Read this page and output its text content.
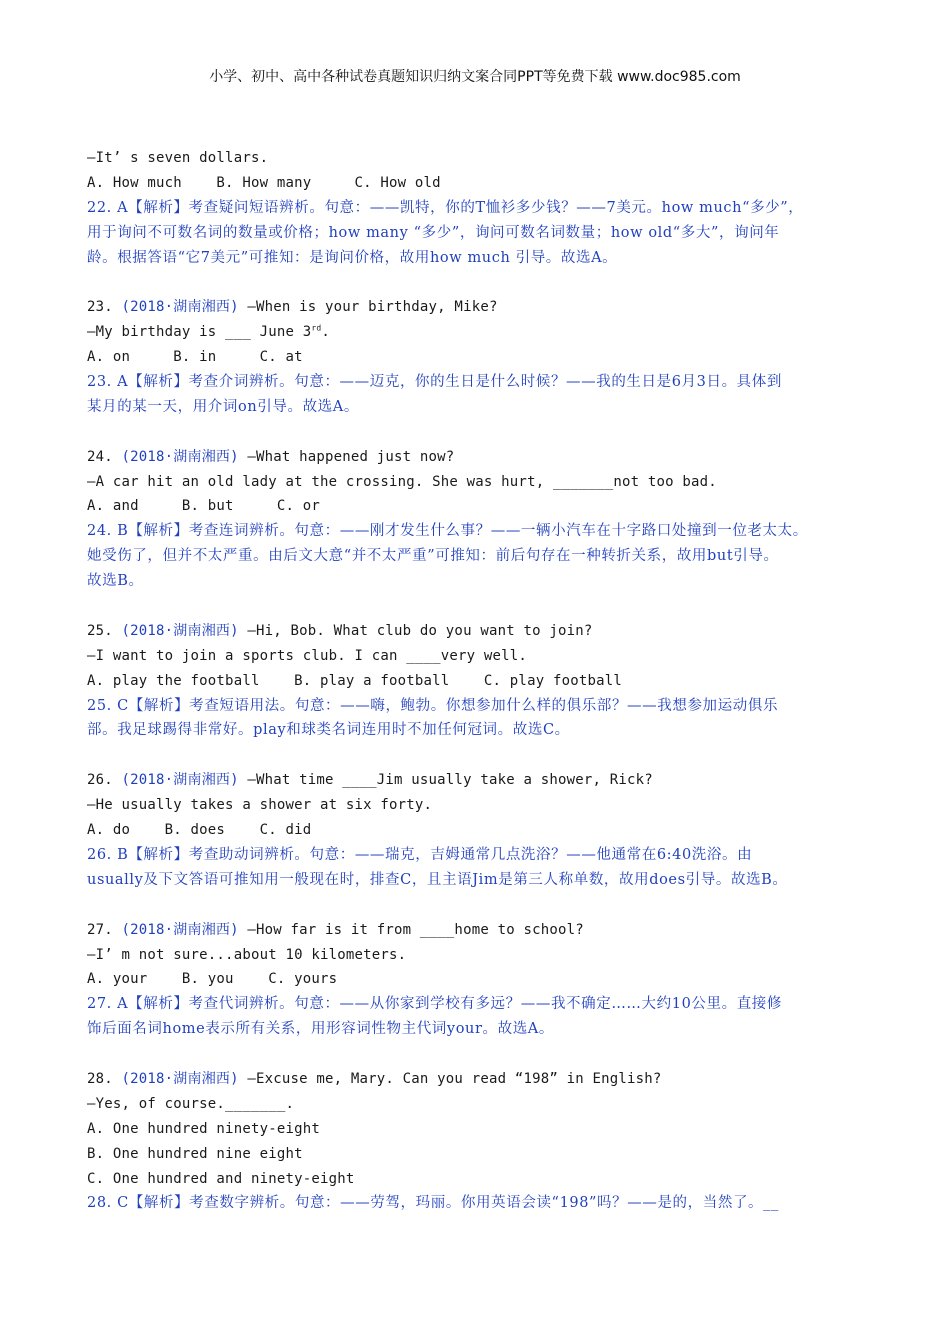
小学、初中、高中各种试卷真题知识归纳文案合同PPT等免费下载 www.doc985.com
—It’ s seven dollars.
A. How much    B. How many     C. How old
22. A【解析】考查疑问短语辨析。句意：——凯特，你的T恤衫多少钱？——7美元。how much“多少”，
用于询问不可数名词的数量或价格；how many “多少”，询问可数名词数量；how old“多大”，询问年
龄。根据答语“它7美元”可推知：是询问价格，故用how much 引导。故选A。
23. (2018·湖南湘西) —When is your birthday, Mike?
—My birthday is ___ June 3rd.
A. on     B. in     C. at
23. A【解析】考查介词辨析。句意：——迈克，你的生日是什么时候？——我的生日是6月3日。具体到
某月的某一天，用介词on引导。故选A。
24. (2018·湖南湘西) —What happened just now?
—A car hit an old lady at the crossing. She was hurt, _______not too bad.
A. and     B. but     C. or
24. B【解析】考查连词辨析。句意：——刚才发生什么事？——一辆小汽车在十字路口处撞到一位老太太。
她受伤了，但并不太严重。由后文大意“并不太严重”可推知：前后句存在一种转折关系，故用but引导。
故选B。
25. (2018·湖南湘西) —Hi, Bob. What club do you want to join?
—I want to join a sports club. I can ____very well.
A. play the football    B. play a football    C. play football
25. C【解析】考查短语用法。句意：——嗨，鲍勃。你想参加什么样的俱乐部？——我想参加运动俱乐
部。我足球踢得非常好。play和球类名词连用时不加任何冠词。故选C。
26. (2018·湖南湘西) —What time ____Jim usually take a shower, Rick?
—He usually takes a shower at six forty.
A. do    B. does    C. did
26. B【解析】考查助动词辨析。句意：——瑞克，吉姆通常几点洗浴？——他通常在6:40洗浴。由
usually及下文答语可推知用一般现在时，排查C，且主语Jim是第三人称单数，故用does引导。故选B。
27. (2018·湖南湘西) —How far is it from ____home to school?
—I’ m not sure...about 10 kilometers.
A. your    B. you    C. yours
27. A【解析】考查代词辨析。句意：——从你家到学校有多远？——我不确定……大约10公里。直接修
饰后面名词home表示所有关系，用形容词性物主代词your。故选A。
28. (2018·湖南湘西) —Excuse me, Mary. Can you read “198” in English?
—Yes, of course._______.
A. One hundred ninety-eight
B. One hundred nine eight
C. One hundred and ninety-eight
28. C【解析】考查数字辨析。句意：——劳驾，玛丽。你用英语会读“198”吗？——是的，当然了。__
